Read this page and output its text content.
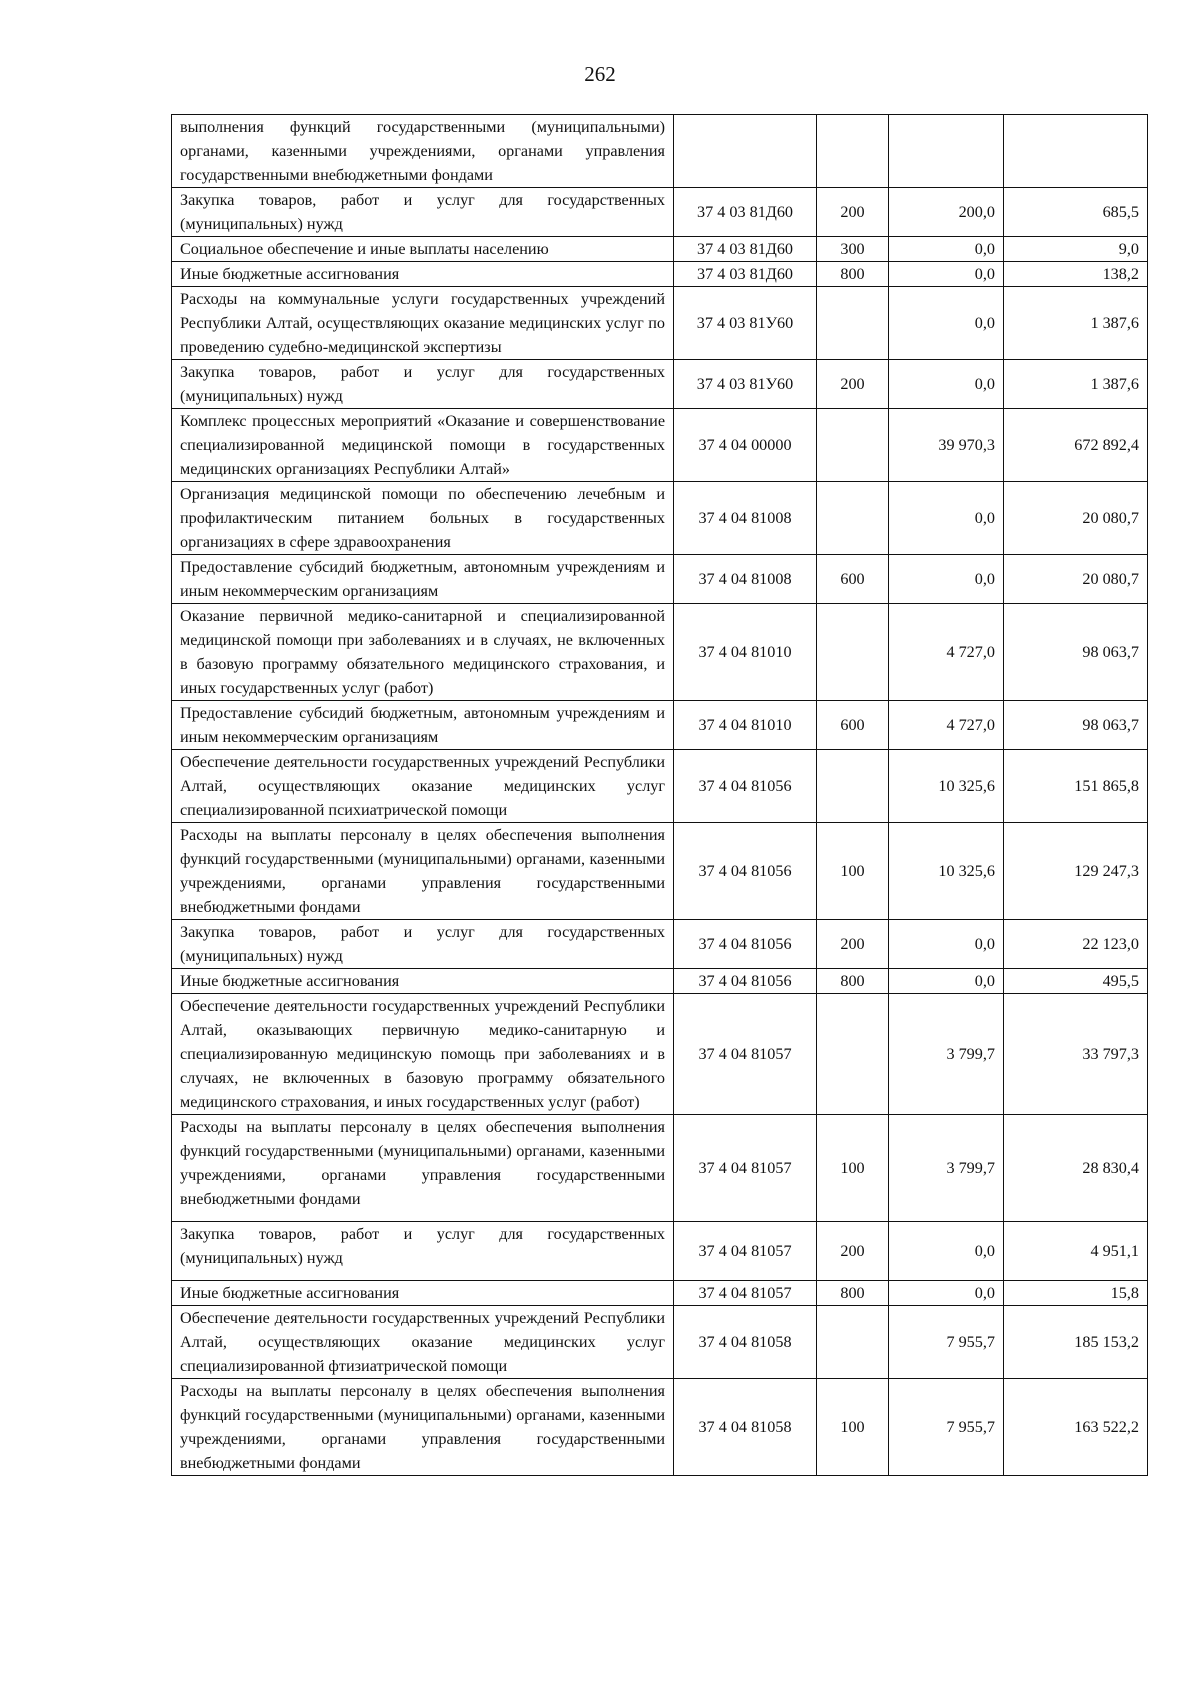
262
выполнения функций государственными (муниципальными) органами, казенными учреждениями, органами управления государственными внебюджетными фондами				
Закупка товаров, работ и услуг для государственных (муниципальных) нужд	37 4 03 81Д60	200	200,0	685,5
Социальное обеспечение и иные выплаты населению	37 4 03 81Д60	300	0,0	9,0
Иные бюджетные ассигнования	37 4 03 81Д60	800	0,0	138,2
Расходы на коммунальные услуги государственных учреждений Республики Алтай, осуществляющих оказание медицинских услуг по проведению судебно-медицинской экспертизы	37 4 03 81У60		0,0	1 387,6
Закупка товаров, работ и услуг для государственных (муниципальных) нужд	37 4 03 81У60	200	0,0	1 387,6
Комплекс процессных мероприятий «Оказание и совершенствование специализированной медицинской помощи в государственных медицинских организациях Республики Алтай»	37 4 04 00000		39 970,3	672 892,4
Организация медицинской помощи по обеспечению лечебным и профилактическим питанием больных в государственных организациях в сфере здравоохранения	37 4 04 81008		0,0	20 080,7
Предоставление субсидий бюджетным, автономным учреждениям и иным некоммерческим организациям	37 4 04 81008	600	0,0	20 080,7
Оказание первичной медико-санитарной и специализированной медицинской помощи при заболеваниях и в случаях, не включенных в базовую программу обязательного медицинского страхования, и иных государственных услуг (работ)	37 4 04 81010		4 727,0	98 063,7
Предоставление субсидий бюджетным, автономным учреждениям и иным некоммерческим организациям	37 4 04 81010	600	4 727,0	98 063,7
Обеспечение деятельности государственных учреждений Республики Алтай, осуществляющих оказание медицинских услуг специализированной психиатрической помощи	37 4 04 81056		10 325,6	151 865,8
Расходы на выплаты персоналу в целях обеспечения выполнения функций государственными (муниципальными) органами, казенными учреждениями, органами управления государственными внебюджетными фондами	37 4 04 81056	100	10 325,6	129 247,3
Закупка товаров, работ и услуг для государственных (муниципальных) нужд	37 4 04 81056	200	0,0	22 123,0
Иные бюджетные ассигнования	37 4 04 81056	800	0,0	495,5
Обеспечение деятельности государственных учреждений Республики Алтай, оказывающих первичную медико-санитарную и специализированную медицинскую помощь при заболеваниях и в случаях, не включенных в базовую программу обязательного медицинского страхования, и иных государственных услуг (работ)	37 4 04 81057		3 799,7	33 797,3
Расходы на выплаты персоналу в целях обеспечения выполнения функций государственными (муниципальными) органами, казенными учреждениями, органами управления государственными внебюджетными фондами	37 4 04 81057	100	3 799,7	28 830,4
Закупка товаров, работ и услуг для государственных (муниципальных) нужд	37 4 04 81057	200	0,0	4 951,1
Иные бюджетные ассигнования	37 4 04 81057	800	0,0	15,8
Обеспечение деятельности государственных учреждений Республики Алтай, осуществляющих оказание медицинских услуг специализированной фтизиатрической помощи	37 4 04 81058		7 955,7	185 153,2
Расходы на выплаты персоналу в целях обеспечения выполнения функций государственными (муниципальными) органами, казенными учреждениями, органами управления государственными внебюджетными фондами	37 4 04 81058	100	7 955,7	163 522,2
